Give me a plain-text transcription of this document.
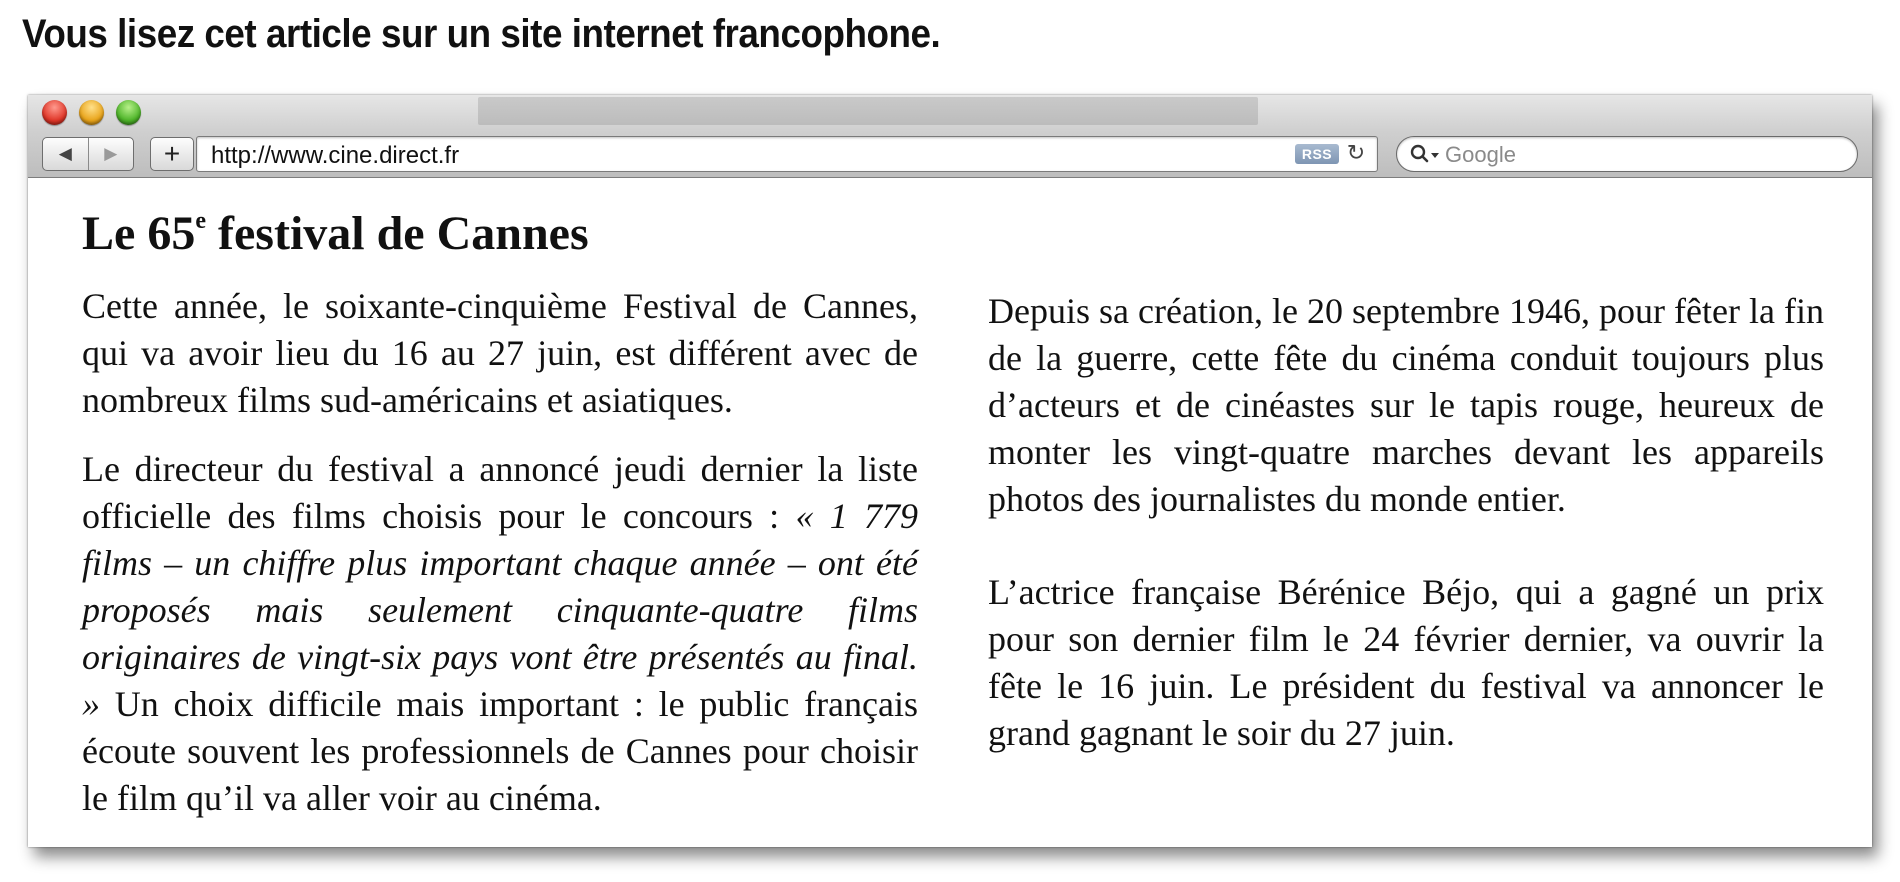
Vous lisez cet article sur un site internet francophone.
◀ ▶ + http://www.cine.direct.fr	RSS ↻	Google
Le 65e festival de Cannes

Cette année, le soixante-cinquième Festival de Cannes, qui va avoir lieu du 16 au 27 juin, est différent avec de nombreux films sud-américains et asiatiques.

Le directeur du festival a annoncé jeudi dernier la liste officielle des films choisis pour le concours : « 1 779 films – un chiffre plus important chaque année – ont été proposés mais seulement cinquante-quatre films originaires de vingt-six pays vont être présentés au final. » Un choix difficile mais important : le public français écoute souvent les professionnels de Cannes pour choisir le film qu’il va aller voir au cinéma.

Depuis sa création, le 20 septembre 1946, pour fêter la fin de la guerre, cette fête du cinéma conduit toujours plus d’acteurs et de cinéastes sur le tapis rouge, heureux de monter les vingt-quatre marches devant les appareils photos des journalistes du monde entier.

L’actrice française Bérénice Béjo, qui a gagné un prix pour son dernier film le 24 février dernier, va ouvrir la fête le 16 juin. Le président du festival va annoncer le grand gagnant le soir du 27 juin.
